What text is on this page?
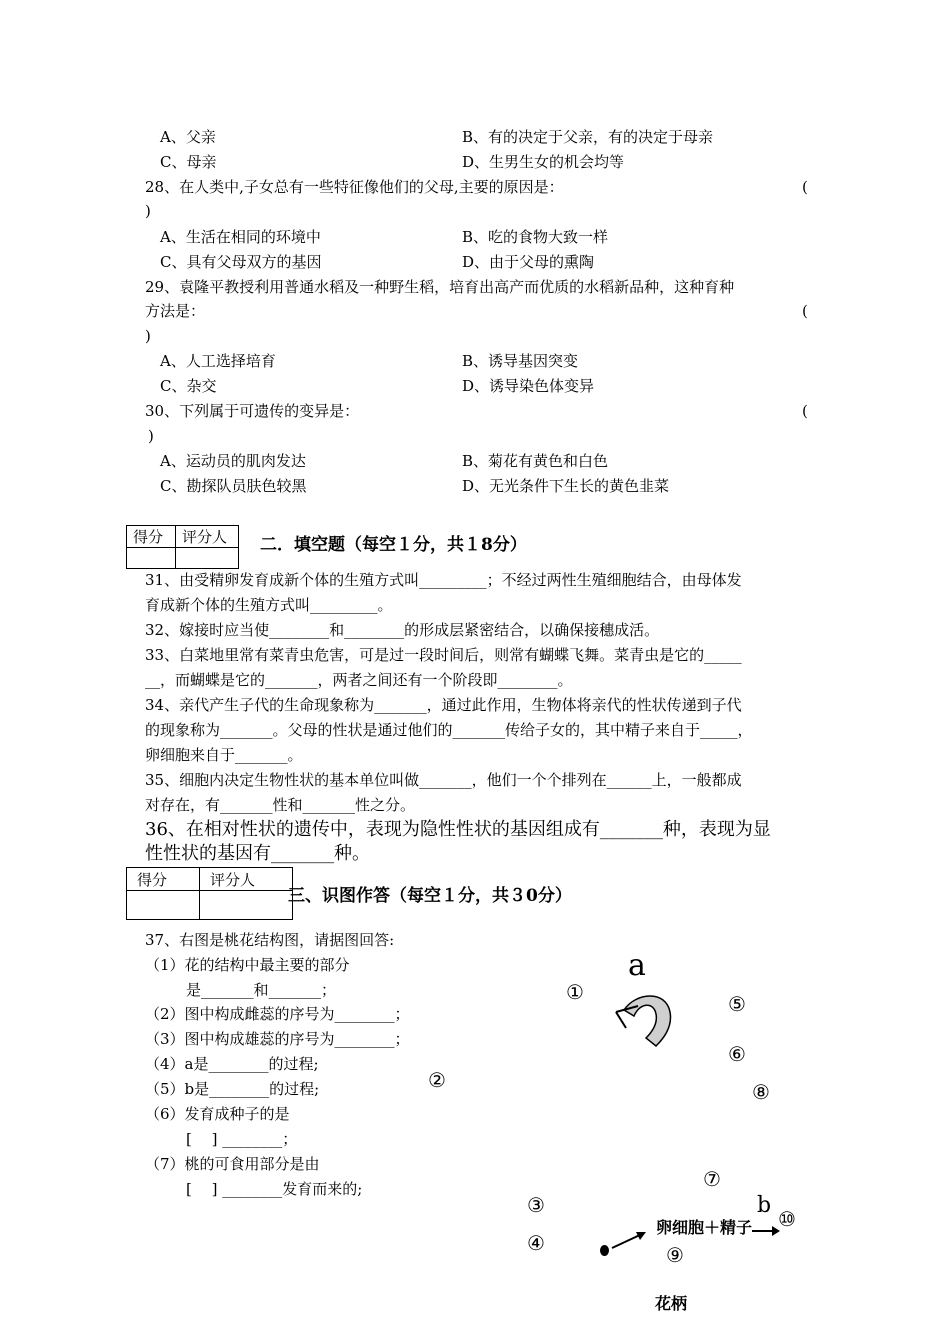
A、父亲	B、有的决定于父亲，有的决定于母亲
C、母亲	D、生男生女的机会均等
28、在人类中,子女总有一些特征像他们的父母,主要的原因是：	(
)
A、生活在相同的环境中	B、吃的食物大致一样
C、具有父母双方的基因	D、由于父母的熏陶
29、袁隆平教授利用普通水稻及一种野生稻，培育出高产而优质的水稻新品种，这种育种
方法是：	(
)
A、人工选择培育	B、诱导基因突变
C、杂交	D、诱导染色体变异
30、下列属于可遗传的变异是：	(
)
A、运动员的肌肉发达	B、菊花有黄色和白色
C、勘探队员肤色较黑	D、无光条件下生长的黄色韭菜
得分	评分人
	二．填空题（每空１分，共１8分）
31、由受精卵发育成新个体的生殖方式叫_________；不经过两性生殖细胞结合，由母体发
育成新个体的生殖方式叫_________。
32、嫁接时应当使________和________的形成层紧密结合，以确保接穗成活。
33、白菜地里常有菜青虫危害，可是过一段时间后，则常有蝴蝶飞舞。菜青虫是它的_____
__，而蝴蝶是它的_______，两者之间还有一个阶段即________。
34、亲代产生子代的生命现象称为_______，通过此作用，生物体将亲代的性状传递到子代
的现象称为_______。父母的性状是通过他们的_______传给子女的，其中精子来自于_____，
卵细胞来自于_______。
35、细胞内决定生物性状的基本单位叫做_______，他们一个个排列在______上，一般都成
对存在，有_______性和_______性之分。
36、在相对性状的遗传中，表现为隐性性状的基因组成有_______种，表现为显
性性状的基因有_______种。
得分	评分人

三、识图作答（每空１分，共３0分）
37、右图是桃花结构图，请据图回答:
（1）花的结构中最主要的部分
是_______和_______；
（2）图中构成雌蕊的序号为________；
（3）图中构成雄蕊的序号为________；
（4）a是________的过程;
（5）b是________的过程;
（6）发育成种子的是
[　 ] ________；
（7）桃的可食用部分是由
[　 ] ________发育而来的;
a
①
②
③
④
⑤
⑥
⑦
⑧
⑨
⑩
b
卵细胞＋精子
花柄
